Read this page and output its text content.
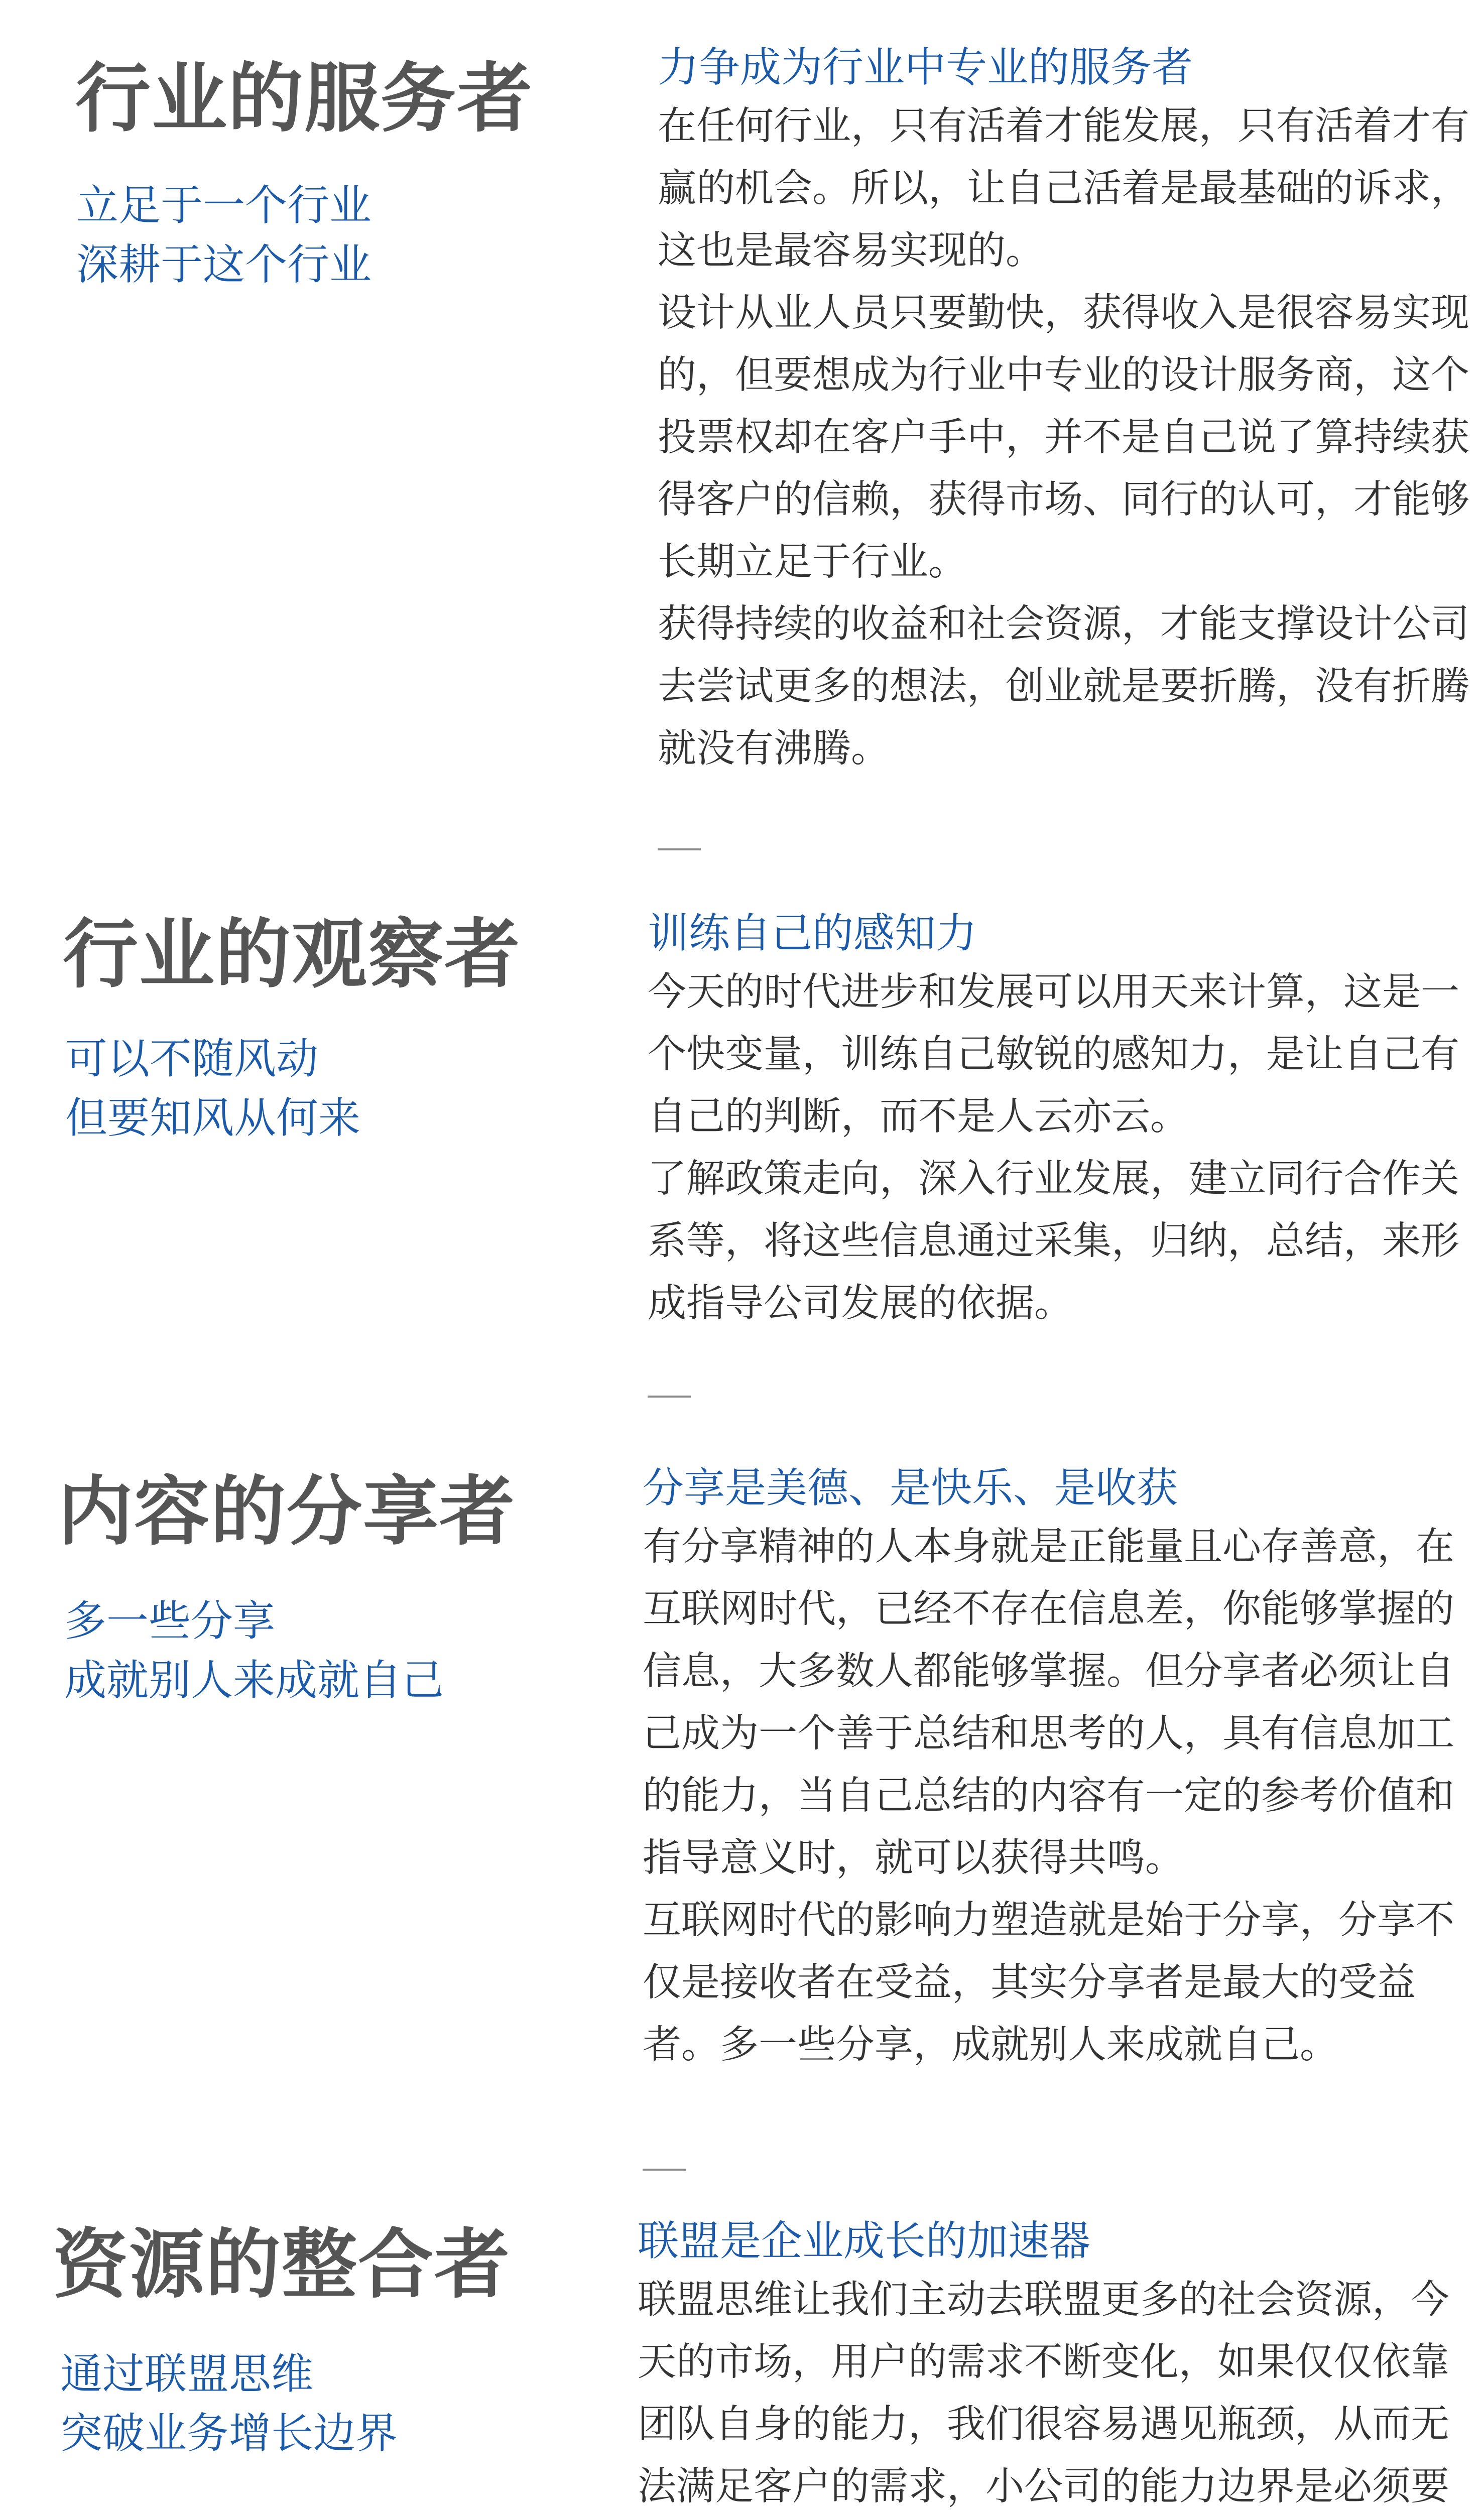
行业的服务者
立足于一个行业
深耕于这个行业
力争成为行业中专业的服务者

在任何行业，只有活着才能发展，只有活着才有赢的机会。所以，让自己活着是最基础的诉求，这也是最容易实现的。

设计从业人员只要勤快，获得收入是很容易实现的，但要想成为行业中专业的设计服务商，这个投票权却在客户手中，并不是自己说了算持续获得客户的信赖，获得市场、同行的认可，才能够长期立足于行业。

获得持续的收益和社会资源，才能支撑设计公司去尝试更多的想法，创业就是要折腾，没有折腾就没有沸腾。

行业的观察者
可以不随风动
但要知风从何来
训练自己的感知力

今天的时代进步和发展可以用天来计算，这是一个快变量，训练自己敏锐的感知力，是让自己有自己的判断，而不是人云亦云。

了解政策走向，深入行业发展，建立同行合作关系等，将这些信息通过采集，归纳，总结，来形成指导公司发展的依据。

内容的分享者
多一些分享
成就别人来成就自己
分享是美德、是快乐、是收获

有分享精神的人本身就是正能量且心存善意，在互联网时代，已经不存在信息差，你能够掌握的信息，大多数人都能够掌握。但分享者必须让自己成为一个善于总结和思考的人，具有信息加工的能力，当自己总结的内容有一定的参考价值和指导意义时，就可以获得共鸣。

互联网时代的影响力塑造就是始于分享，分享不仅是接收者在受益，其实分享者是最大的受益者。多一些分享，成就别人来成就自己。

资源的整合者
通过联盟思维
突破业务增长边界
联盟是企业成长的加速器

联盟思维让我们主动去联盟更多的社会资源，今天的市场，用户的需求不断变化，如果仅仅依靠团队自身的能力，我们很容易遇见瓶颈，从而无法满足客户的需求，小公司的能力边界是必须要
